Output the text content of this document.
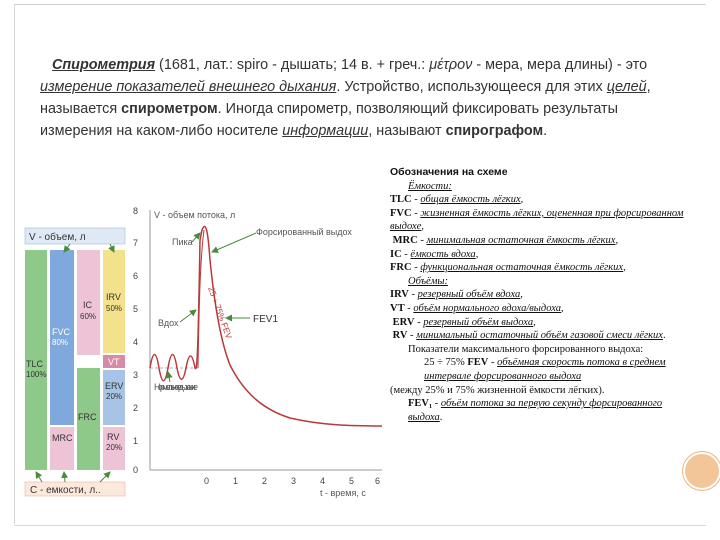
Спирометрия (1681, лат.: spiro - дышать; 14 в. + греч.: μέτρον - мера, мера длины) - это измерение показателей внешнего дыхания. Устройство, использующееся для этих целей, называется спирометром. Иногда спирометр, позволяющий фиксировать результаты измерения на каком-либо носителе информации, называют спирографом.
V - объем, л
С - емкости, л..
TLC
100%
FVC
80%
IC
60%
IRV
50%
VT
ERV
20%
FRC
MRC	RV
20%
8
7
6
5
4
3
2
1
0
0	1	2	3	4	5 6
V - объем потока, л
t - время, с
Пика
Форсированный выдох
Вдох
Нормальное дыхание
FEV1
25 ÷ 75% FEV

Обозначения на схеме

Ёмкости:

TLC - общая ёмкость лёгких,

FVC - жизненная ёмкость лёгких, оцененная при форсированном выдохе,

MRC - минимальная остаточная ёмкость лёгких,

IC - ёмкость вдоха,

FRC - функциональная остаточная ёмкость лёгких,

Объёмы:

IRV - резервный объём вдоха,

VT - объём нормального вдоха/выдоха,

ERV - резервный объём выдоха,

RV - минимальный остаточный объём газовой смеси лёгких.

Показатели максимального форсированного выдоха:

25 ÷ 75% FEV - объёмная скорость потока в среднем интервале форсированного выдоха

(между 25% и 75% жизненной ёмкости лёгких).

FEV₁ - объём потока за первую секунду форсированного выдоха.
